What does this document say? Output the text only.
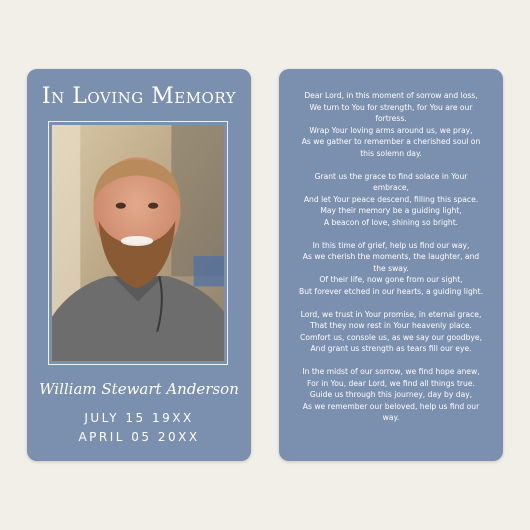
In Loving Memory
William Stewart Anderson
JULY 15 19XX
APRIL 05 20XX

Dear Lord, in this moment of sorrow and loss,
We turn to You for strength, for You are our
fortress.
Wrap Your loving arms around us, we pray,
As we gather to remember a cherished soul on
this solemn day.

Grant us the grace to find solace in Your
embrace,
And let Your peace descend, filling this space.
May their memory be a guiding light,
A beacon of love, shining so bright.

In this time of grief, help us find our way,
As we cherish the moments, the laughter, and
the sway.
Of their life, now gone from our sight,
But forever etched in our hearts, a guiding light.

Lord, we trust in Your promise, in eternal grace,
That they now rest in Your heavenly place.
Comfort us, console us, as we say our goodbye,
And grant us strength as tears fill our eye.

In the midst of our sorrow, we find hope anew,
For in You, dear Lord, we find all things true.
Guide us through this journey, day by day,
As we remember our beloved, help us find our
way.
